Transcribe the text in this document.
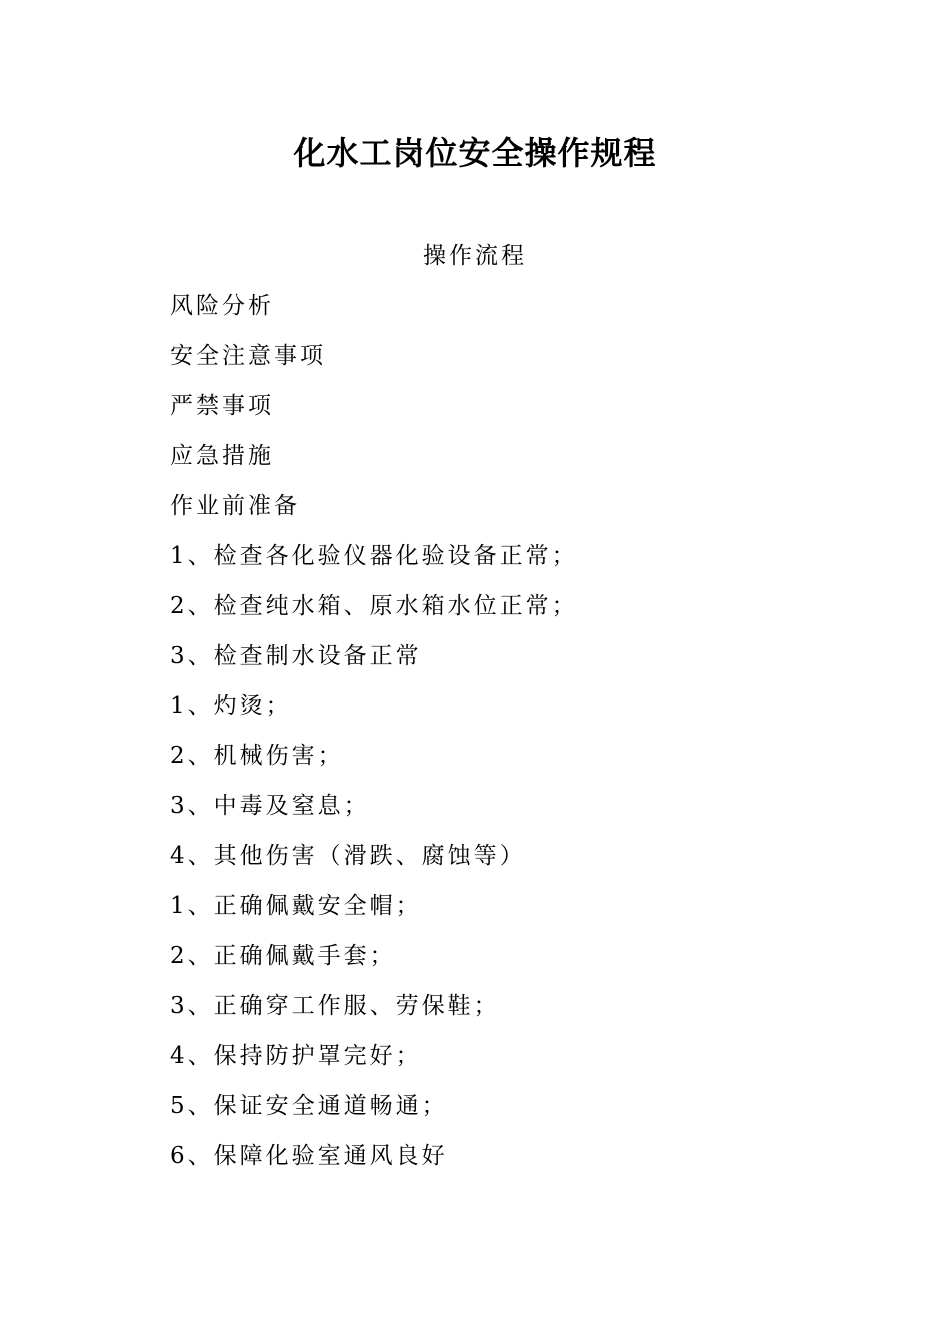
化水工岗位安全操作规程
操作流程
风险分析
安全注意事项
严禁事项
应急措施
作业前准备
1、检查各化验仪器化验设备正常；
2、检查纯水箱、原水箱水位正常；
3、检查制水设备正常
1、灼烫；
2、机械伤害；
3、中毒及窒息；
4、其他伤害（滑跌、腐蚀等）
1、正确佩戴安全帽；
2、正确佩戴手套；
3、正确穿工作服、劳保鞋；
4、保持防护罩完好；
5、保证安全通道畅通；
6、保障化验室通风良好
